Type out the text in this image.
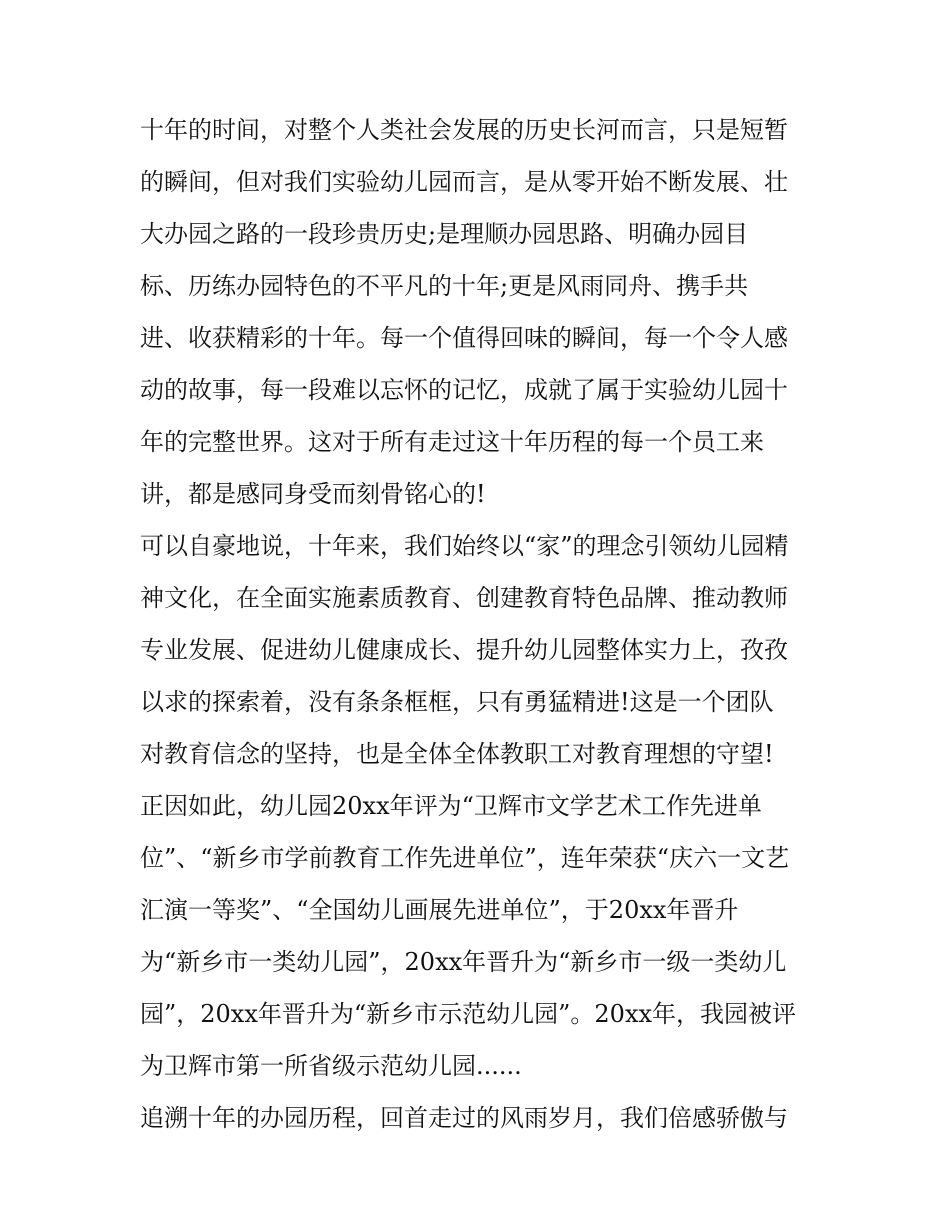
十年的时间，对整个人类社会发展的历史长河而言，只是短暂
的瞬间，但对我们实验幼儿园而言，是从零开始不断发展、壮
大办园之路的一段珍贵历史;是理顺办园思路、明确办园目
标、历练办园特色的不平凡的十年;更是风雨同舟、携手共
进、收获精彩的十年。每一个值得回味的瞬间，每一个令人感
动的故事，每一段难以忘怀的记忆，成就了属于实验幼儿园十
年的完整世界。这对于所有走过这十年历程的每一个员工来
讲，都是感同身受而刻骨铭心的!
可以自豪地说，十年来，我们始终以“家”的理念引领幼儿园精
神文化，在全面实施素质教育、创建教育特色品牌、推动教师
专业发展、促进幼儿健康成长、提升幼儿园整体实力上，孜孜
以求的探索着，没有条条框框，只有勇猛精进!这是一个团队
对教育信念的坚持，也是全体全体教职工对教育理想的守望!
正因如此，幼儿园20xx年评为“卫辉市文学艺术工作先进单
位”、“新乡市学前教育工作先进单位”，连年荣获“庆六一文艺
汇演一等奖”、“全国幼儿画展先进单位”，于20xx年晋升
为“新乡市一类幼儿园”，20xx年晋升为“新乡市一级一类幼儿
园”，20xx年晋升为“新乡市示范幼儿园”。20xx年，我园被评
为卫辉市第一所省级示范幼儿园......
追溯十年的办园历程，回首走过的风雨岁月，我们倍感骄傲与
